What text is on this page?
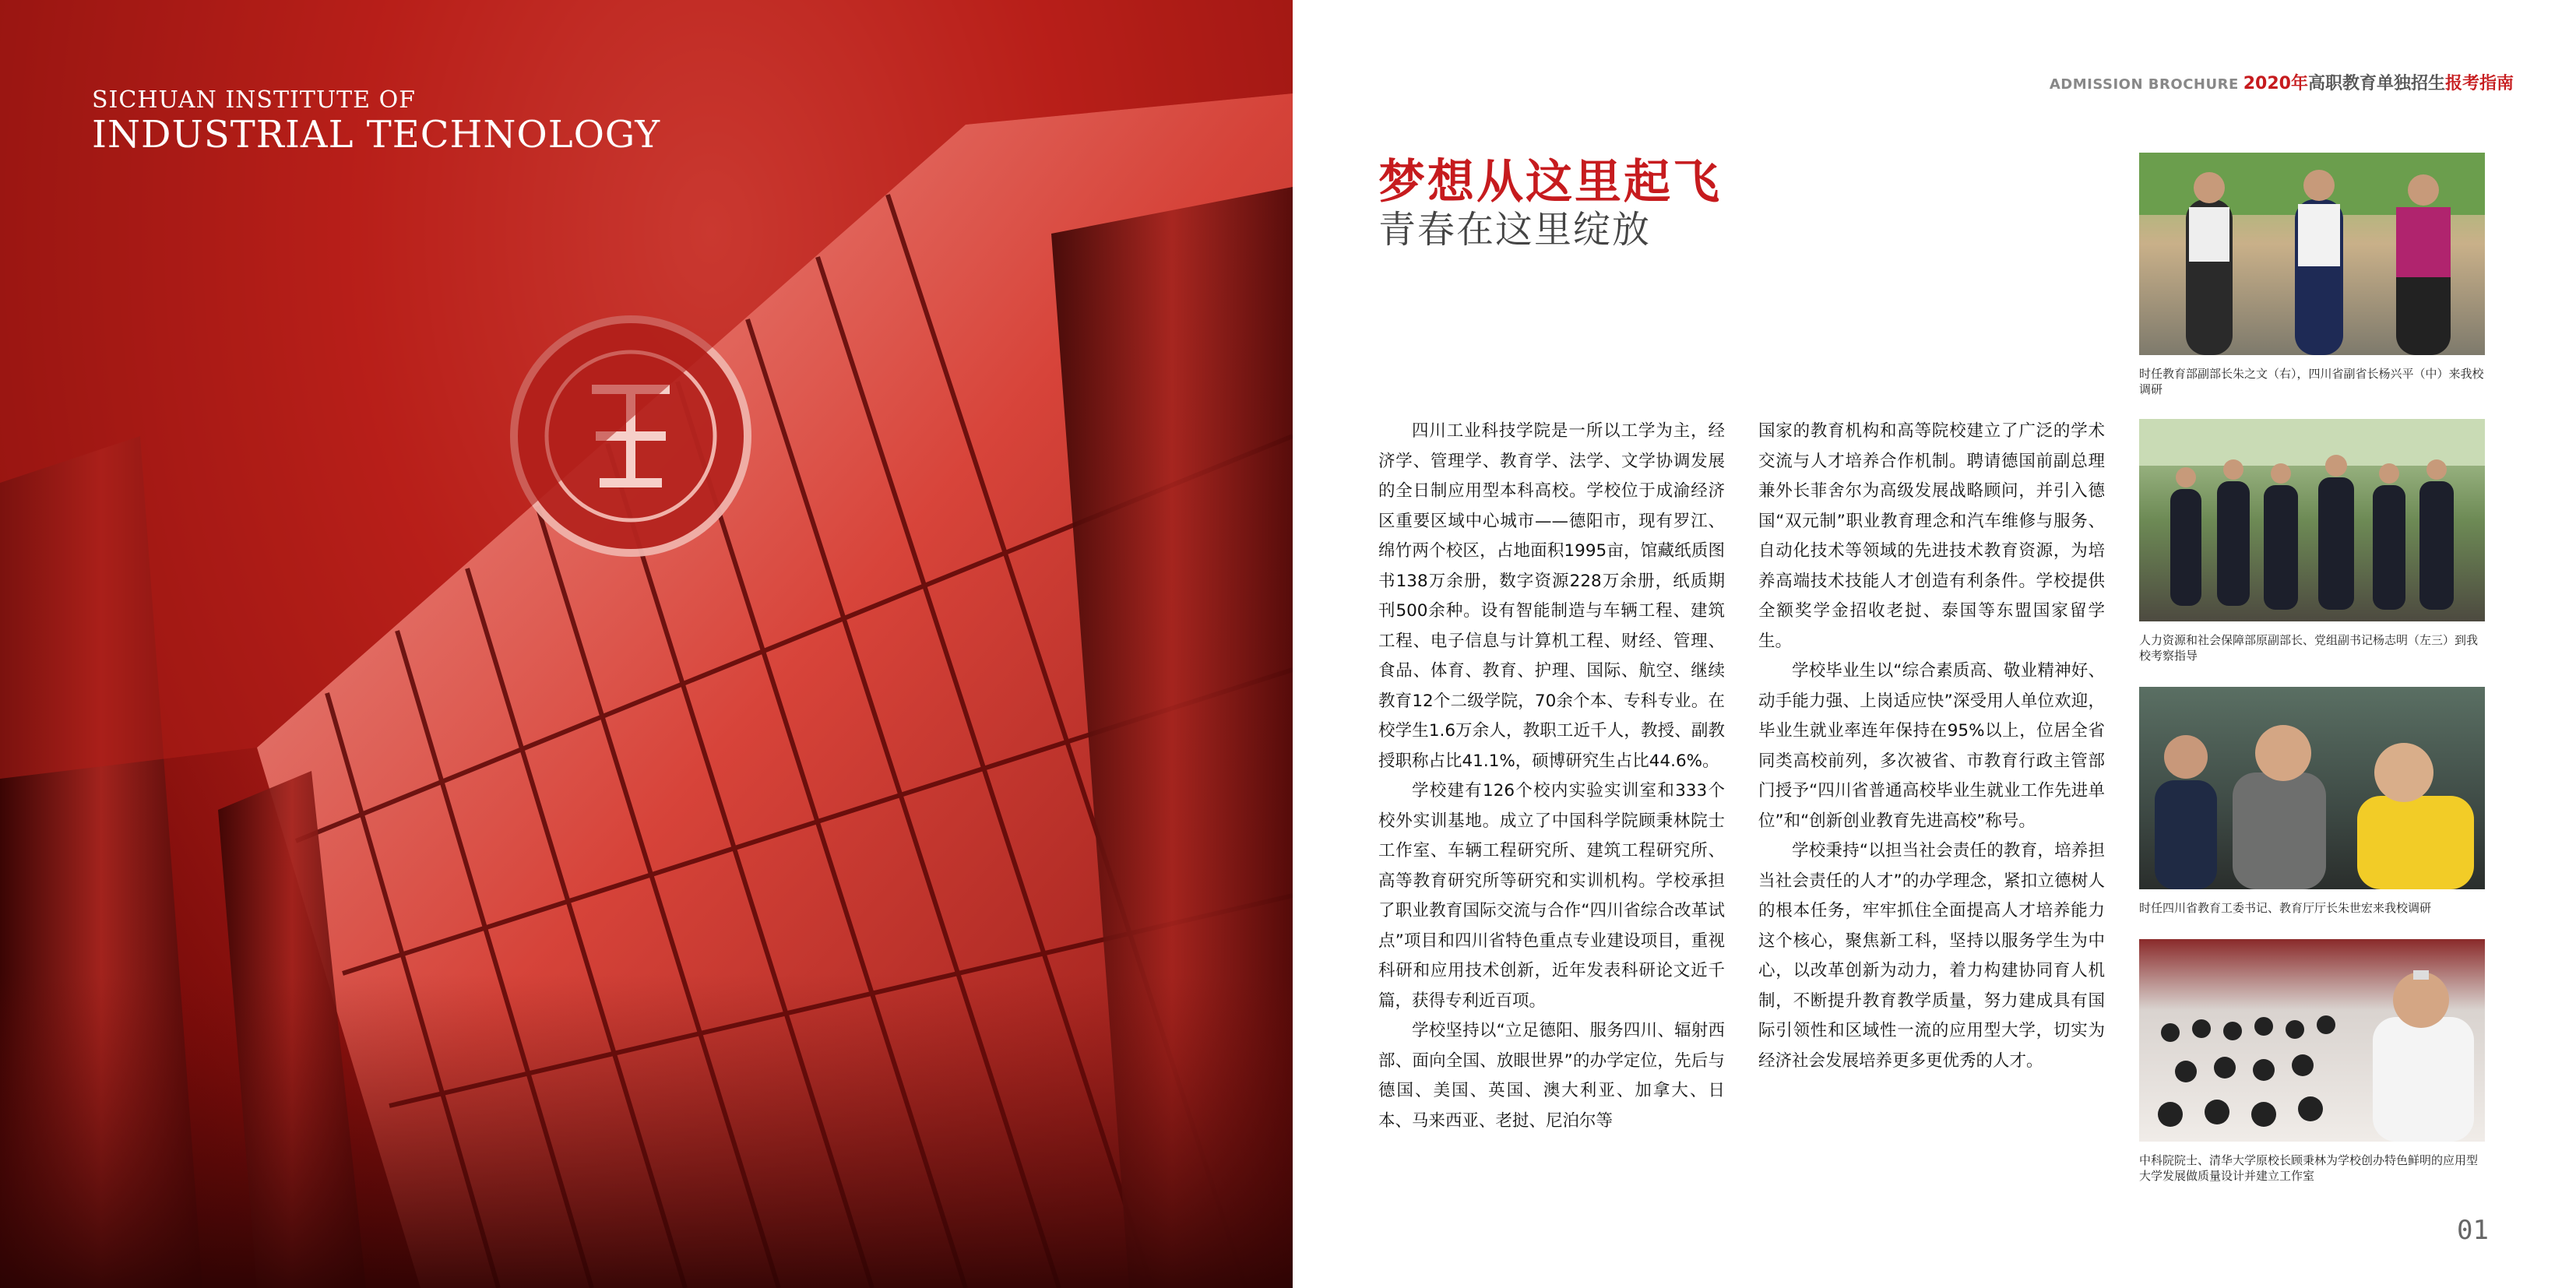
SICHUAN INSTITUTE OF
INDUSTRIAL TECHNOLOGY
ADMISSION BROCHURE 2020年高职教育单独招生报考指南
梦想从这里起飞
青春在这里绽放

四川工业科技学院是一所以工学为主，经济学、管理学、教育学、法学、文学协调发展的全日制应用型本科高校。学校位于成渝经济区重要区域中心城市——德阳市，现有罗江、绵竹两个校区，占地面积1995亩，馆藏纸质图书138万余册，数字资源228万余册，纸质期刊500余种。设有智能制造与车辆工程、建筑工程、电子信息与计算机工程、财经、管理、食品、体育、教育、护理、国际、航空、继续教育12个二级学院，70余个本、专科专业。在校学生1.6万余人，教职工近千人，教授、副教授职称占比41.1%，硕博研究生占比44.6%。

学校建有126个校内实验实训室和333个校外实训基地。成立了中国科学院顾秉林院士工作室、车辆工程研究所、建筑工程研究所、高等教育研究所等研究和实训机构。学校承担了职业教育国际交流与合作“四川省综合改革试点”项目和四川省特色重点专业建设项目，重视科研和应用技术创新，近年发表科研论文近千篇，获得专利近百项。

学校坚持以“立足德阳、服务四川、辐射西部、面向全国、放眼世界”的办学定位，先后与德国、美国、英国、澳大利亚、加拿大、日本、马来西亚、老挝、尼泊尔等

国家的教育机构和高等院校建立了广泛的学术交流与人才培养合作机制。聘请德国前副总理兼外长菲舍尔为高级发展战略顾问，并引入德国“双元制”职业教育理念和汽车维修与服务、自动化技术等领域的先进技术教育资源，为培养高端技术技能人才创造有利条件。学校提供全额奖学金招收老挝、泰国等东盟国家留学生。

学校毕业生以“综合素质高、敬业精神好、动手能力强、上岗适应快”深受用人单位欢迎，毕业生就业率连年保持在95%以上，位居全省同类高校前列，多次被省、市教育行政主管部门授予“四川省普通高校毕业生就业工作先进单位”和“创新创业教育先进高校”称号。

学校秉持“以担当社会责任的教育，培养担当社会责任的人才”的办学理念，紧扣立德树人的根本任务，牢牢抓住全面提高人才培养能力这个核心，聚焦新工科，坚持以服务学生为中心，以改革创新为动力，着力构建协同育人机制，不断提升教育教学质量，努力建成具有国际引领性和区域性一流的应用型大学，切实为经济社会发展培养更多更优秀的人才。

时任教育部副部长朱之文（右），四川省副省长杨兴平（中）来我校调研
人力资源和社会保障部原副部长、党组副书记杨志明（左三）到我校考察指导
时任四川省教育工委书记、教育厅厅长朱世宏来我校调研
中科院院士、清华大学原校长顾秉林为学校创办特色鲜明的应用型大学发展做质量设计并建立工作室
01
